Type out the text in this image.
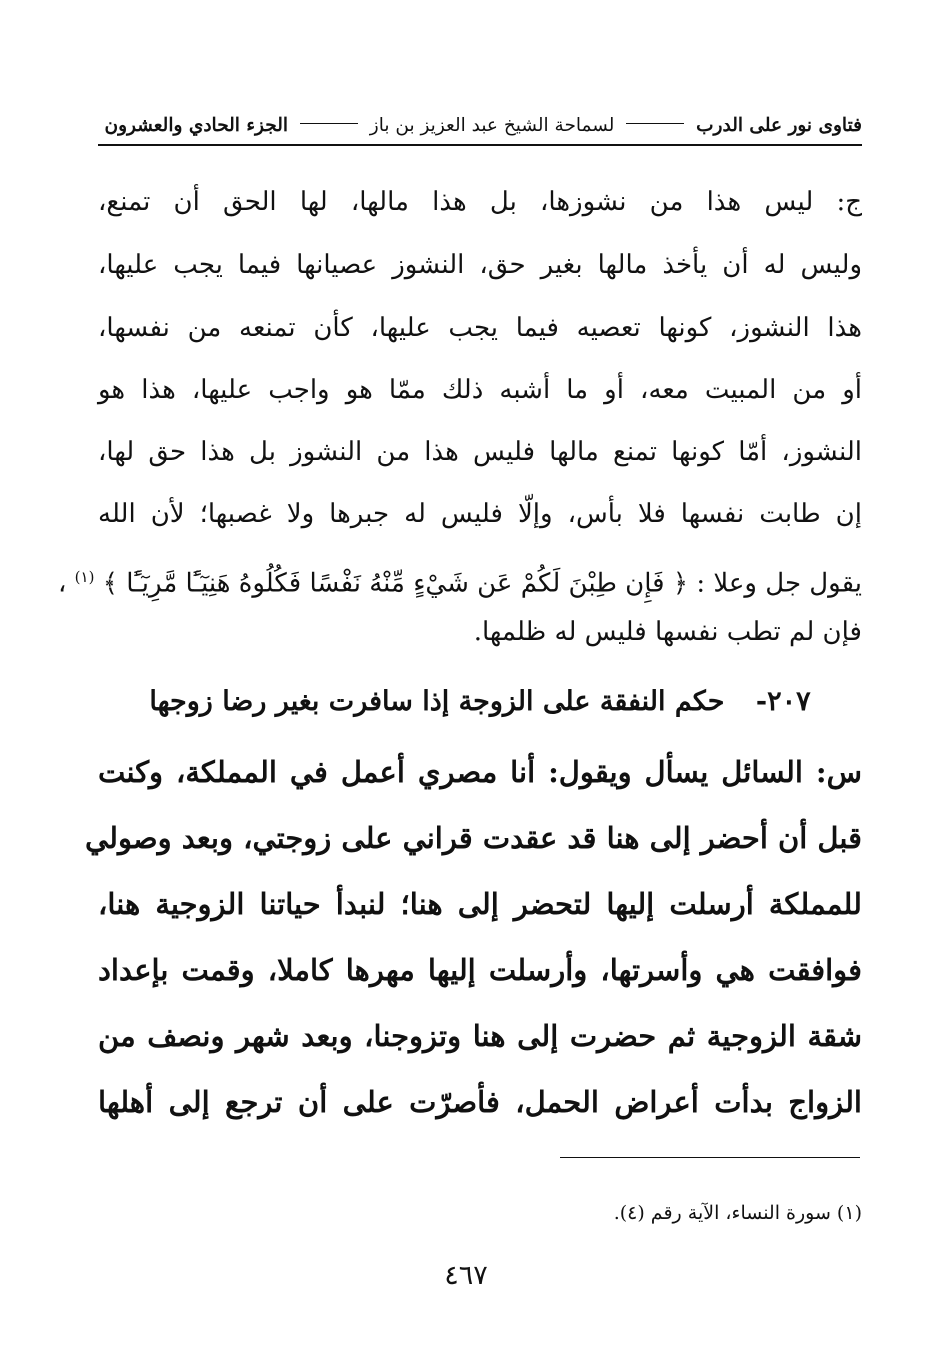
فتاوى نور على الدرب  لسماحة الشيخ عبد العزيز بن باز  الجزء الحادي والعشرون
ج: ليس هذا من نشوزها، بل هذا مالها، لها الحق أن تمنع،
وليس له أن يأخذ مالها بغير حق، النشوز عصيانها فيما يجب عليها،
هذا النشوز، كونها تعصيه فيما يجب عليها، كأن تمنعه من نفسها،
أو من المبيت معه، أو ما أشبه ذلك ممّا هو واجب عليها، هذا هو
النشوز، أمّا كونها تمنع مالها فليس هذا من النشوز بل هذا حق لها،
إن طابت نفسها فلا بأس، وإلّا فليس له جبرها ولا غصبها؛ لأن الله
يقول جل وعلا : ﴿ فَإِن طِبْنَ لَكُمْ عَن شَيْءٍ مِّنْهُ نَفْسًا فَكُلُوهُ هَنِيٓـًٔا مَّرِيٓـًٔا ﴾ $^{(١)}$ ،
فإن لم تطب نفسها فليس له ظلمها.
٢٠٧- حكم النفقة على الزوجة إذا سافرت بغير رضا زوجها
س: السائل يسأل ويقول: أنا مصري أعمل في المملكة، وكنت
قبل أن أحضر إلى هنا قد عقدت قراني على زوجتي، وبعد وصولي
للمملكة أرسلت إليها لتحضر إلى هنا؛ لنبدأ حياتنا الزوجية هنا،
فوافقت هي وأسرتها، وأرسلت إليها مهرها كاملا، وقمت بإعداد
شقة الزوجية ثم حضرت إلى هنا وتزوجنا، وبعد شهر ونصف من
الزواج بدأت أعراض الحمل، فأصرّت على أن ترجع إلى أهلها
(١) سورة النساء، الآية رقم (٤).
٤٦٧
